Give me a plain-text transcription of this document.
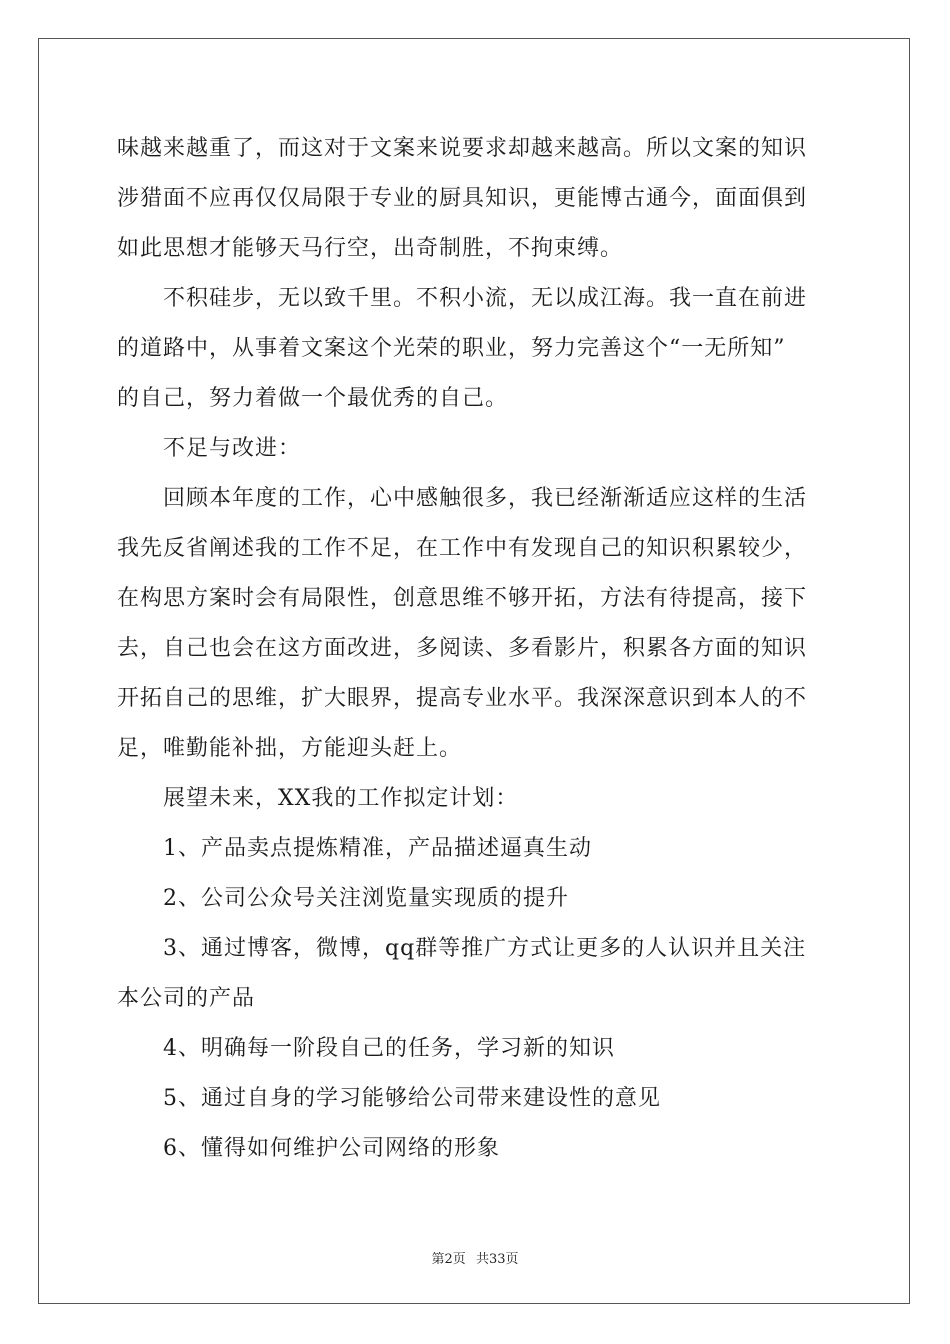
味越来越重了，而这对于文案来说要求却越来越高。所以文案的知识
涉猎面不应再仅仅局限于专业的厨具知识，更能博古通今，面面俱到
如此思想才能够天马行空，出奇制胜，不拘束缚。
不积硅步，无以致千里。不积小流，无以成江海。我一直在前进
的道路中，从事着文案这个光荣的职业，努力完善这个“一无所知”
的自己，努力着做一个最优秀的自己。
不足与改进：
回顾本年度的工作，心中感触很多，我已经渐渐适应这样的生活
我先反省阐述我的工作不足，在工作中有发现自己的知识积累较少，
在构思方案时会有局限性，创意思维不够开拓，方法有待提高，接下
去，自己也会在这方面改进，多阅读、多看影片，积累各方面的知识
开拓自己的思维，扩大眼界，提高专业水平。我深深意识到本人的不
足，唯勤能补拙，方能迎头赶上。
展望未来，XX我的工作拟定计划：
1、产品卖点提炼精准，产品描述逼真生动
2、公司公众号关注浏览量实现质的提升
3、通过博客，微博，qq群等推广方式让更多的人认识并且关注
本公司的产品
4、明确每一阶段自己的任务，学习新的知识
5、通过自身的学习能够给公司带来建设性的意见
6、懂得如何维护公司网络的形象
第2页 共33页
